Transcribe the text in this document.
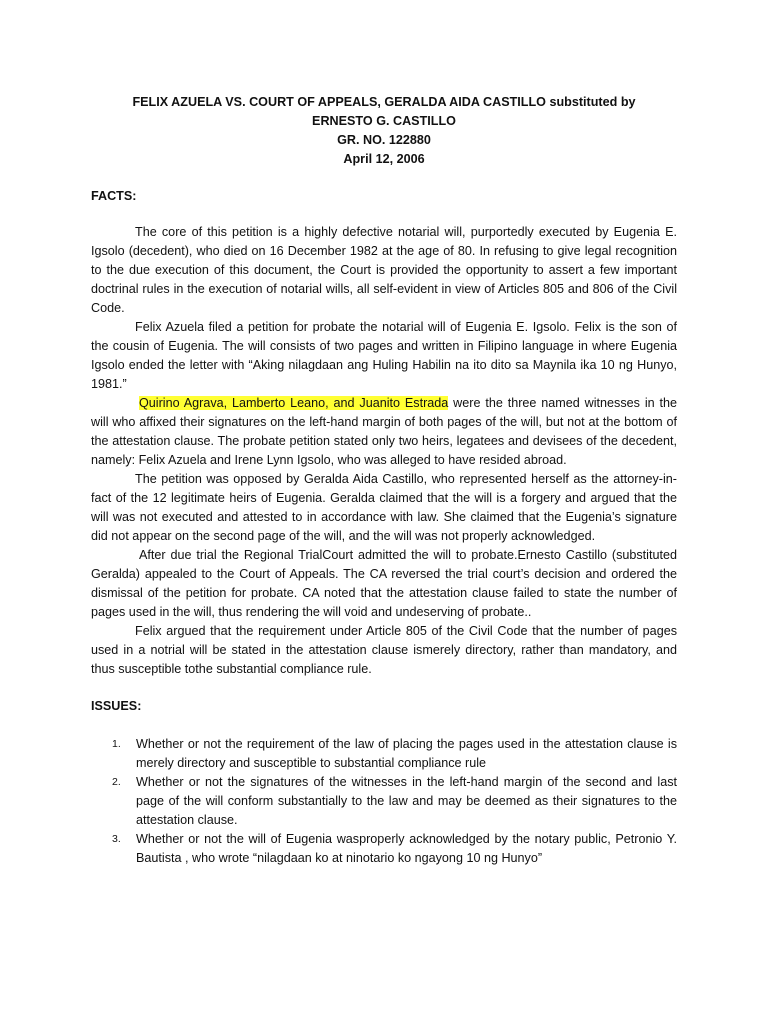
FELIX AZUELA VS. COURT OF APPEALS, GERALDA AIDA CASTILLO substituted by ERNESTO G. CASTILLO
GR. NO. 122880
April 12, 2006
FACTS:

The core of this petition is a highly defective notarial will, purportedly executed by Eugenia E. Igsolo (decedent), who died on 16 December 1982 at the age of 80. In refusing to give legal recognition to the due execution of this document, the Court is provided the opportunity to assert a few important doctrinal rules in the execution of notarial wills, all self-evident in view of Articles 805 and 806 of the Civil Code.

Felix Azuela filed a petition for probate the notarial will of Eugenia E. Igsolo. Felix is the son of the cousin of Eugenia. The will consists of two pages and written in Filipino language in where Eugenia Igsolo ended the letter with “Aking nilagdaan ang Huling Habilin na ito dito sa Maynila ika 10 ng Hunyo, 1981.”

Quirino Agrava, Lamberto Leano, and Juanito Estrada were the three named witnesses in the will who affixed their signatures on the left-hand margin of both pages of the will, but not at the bottom of the attestation clause. The probate petition stated only two heirs, legatees and devisees of the decedent, namely: Felix Azuela and Irene Lynn Igsolo, who was alleged to have resided abroad.

The petition was opposed by Geralda Aida Castillo, who represented herself as the attorney-in-fact of the 12 legitimate heirs of Eugenia. Geralda claimed that the will is a forgery and argued that the will was not executed and attested to in accordance with law. She claimed that the Eugenia’s signature did not appear on the second page of the will, and the will was not properly acknowledged.

After due trial the Regional TrialCourt admitted the will to probate.Ernesto Castillo (substituted Geralda) appealed to the Court of Appeals. The CA reversed the trial court’s decision and ordered the dismissal of the petition for probate. CA noted that the attestation clause failed to state the number of pages used in the will, thus rendering the will void and undeserving of probate..

Felix argued that the requirement under Article 805 of the Civil Code that the number of pages used in a notrial will be stated in the attestation clause ismerely directory, rather than mandatory, and thus susceptible tothe substantial compliance rule.

ISSUES:
1. Whether or not the requirement of the law of placing the pages used in the attestation clause is merely directory and susceptible to substantial compliance rule
2. Whether or not the signatures of the witnesses in the left-hand margin of the second and last page of the will conform substantially to the law and may be deemed as their signatures to the attestation clause.
3. Whether or not the will of Eugenia wasproperly acknowledged by the notary public, Petronio Y. Bautista , who wrote “nilagdaan ko at ninotario ko ngayong 10 ng Hunyo”
